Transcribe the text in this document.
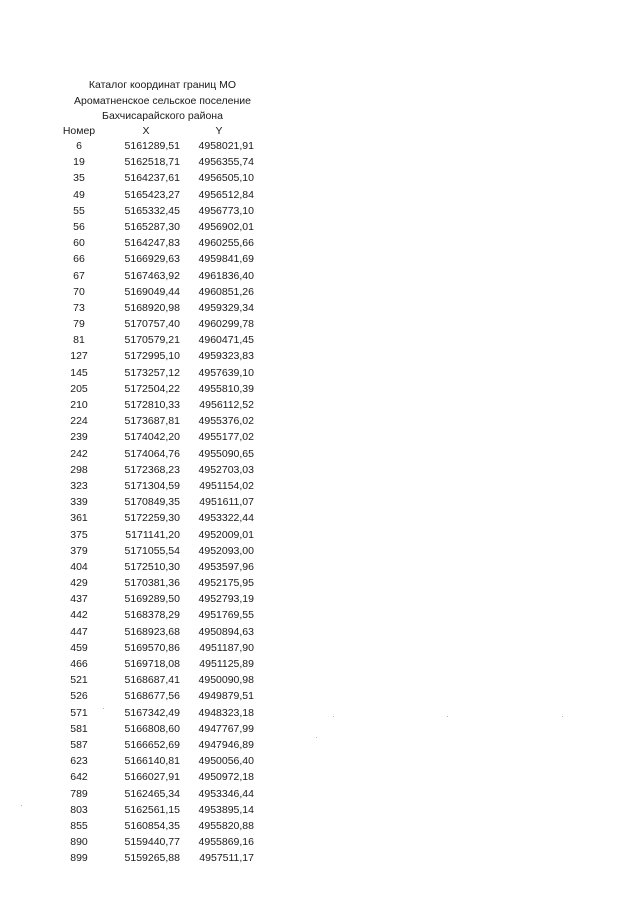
Каталог координат границ МО
Ароматненское сельское поселение
Бахчисарайского района
Номер	X	Y
6	5161289,51	4958021,91
19	5162518,71	4956355,74
35	5164237,61	4956505,10
49	5165423,27	4956512,84
55	5165332,45	4956773,10
56	5165287,30	4956902,01
60	5164247,83	4960255,66
66	5166929,63	4959841,69
67	5167463,92	4961836,40
70	5169049,44	4960851,26
73	5168920,98	4959329,34
79	5170757,40	4960299,78
81	5170579,21	4960471,45
127	5172995,10	4959323,83
145	5173257,12	4957639,10
205	5172504,22	4955810,39
210	5172810,33	4956112,52
224	5173687,81	4955376,02
239	5174042,20	4955177,02
242	5174064,76	4955090,65
298	5172368,23	4952703,03
323	5171304,59	4951154,02
339	5170849,35	4951611,07
361	5172259,30	4953322,44
375	5171141,20	4952009,01
379	5171055,54	4952093,00
404	5172510,30	4953597,96
429	5170381,36	4952175,95
437	5169289,50	4952793,19
442	5168378,29	4951769,55
447	5168923,68	4950894,63
459	5169570,86	4951187,90
466	5169718,08	4951125,89
521	5168687,41	4950090,98
526	5168677,56	4949879,51
571	5167342,49	4948323,18
581	5166808,60	4947767,99
587	5166652,69	4947946,89
623	5166140,81	4950056,40
642	5166027,91	4950972,18
789	5162465,34	4953346,44
803	5162561,15	4953895,14
855	5160854,35	4955820,88
890	5159440,77	4955869,16
899	5159265,88	4957511,17
